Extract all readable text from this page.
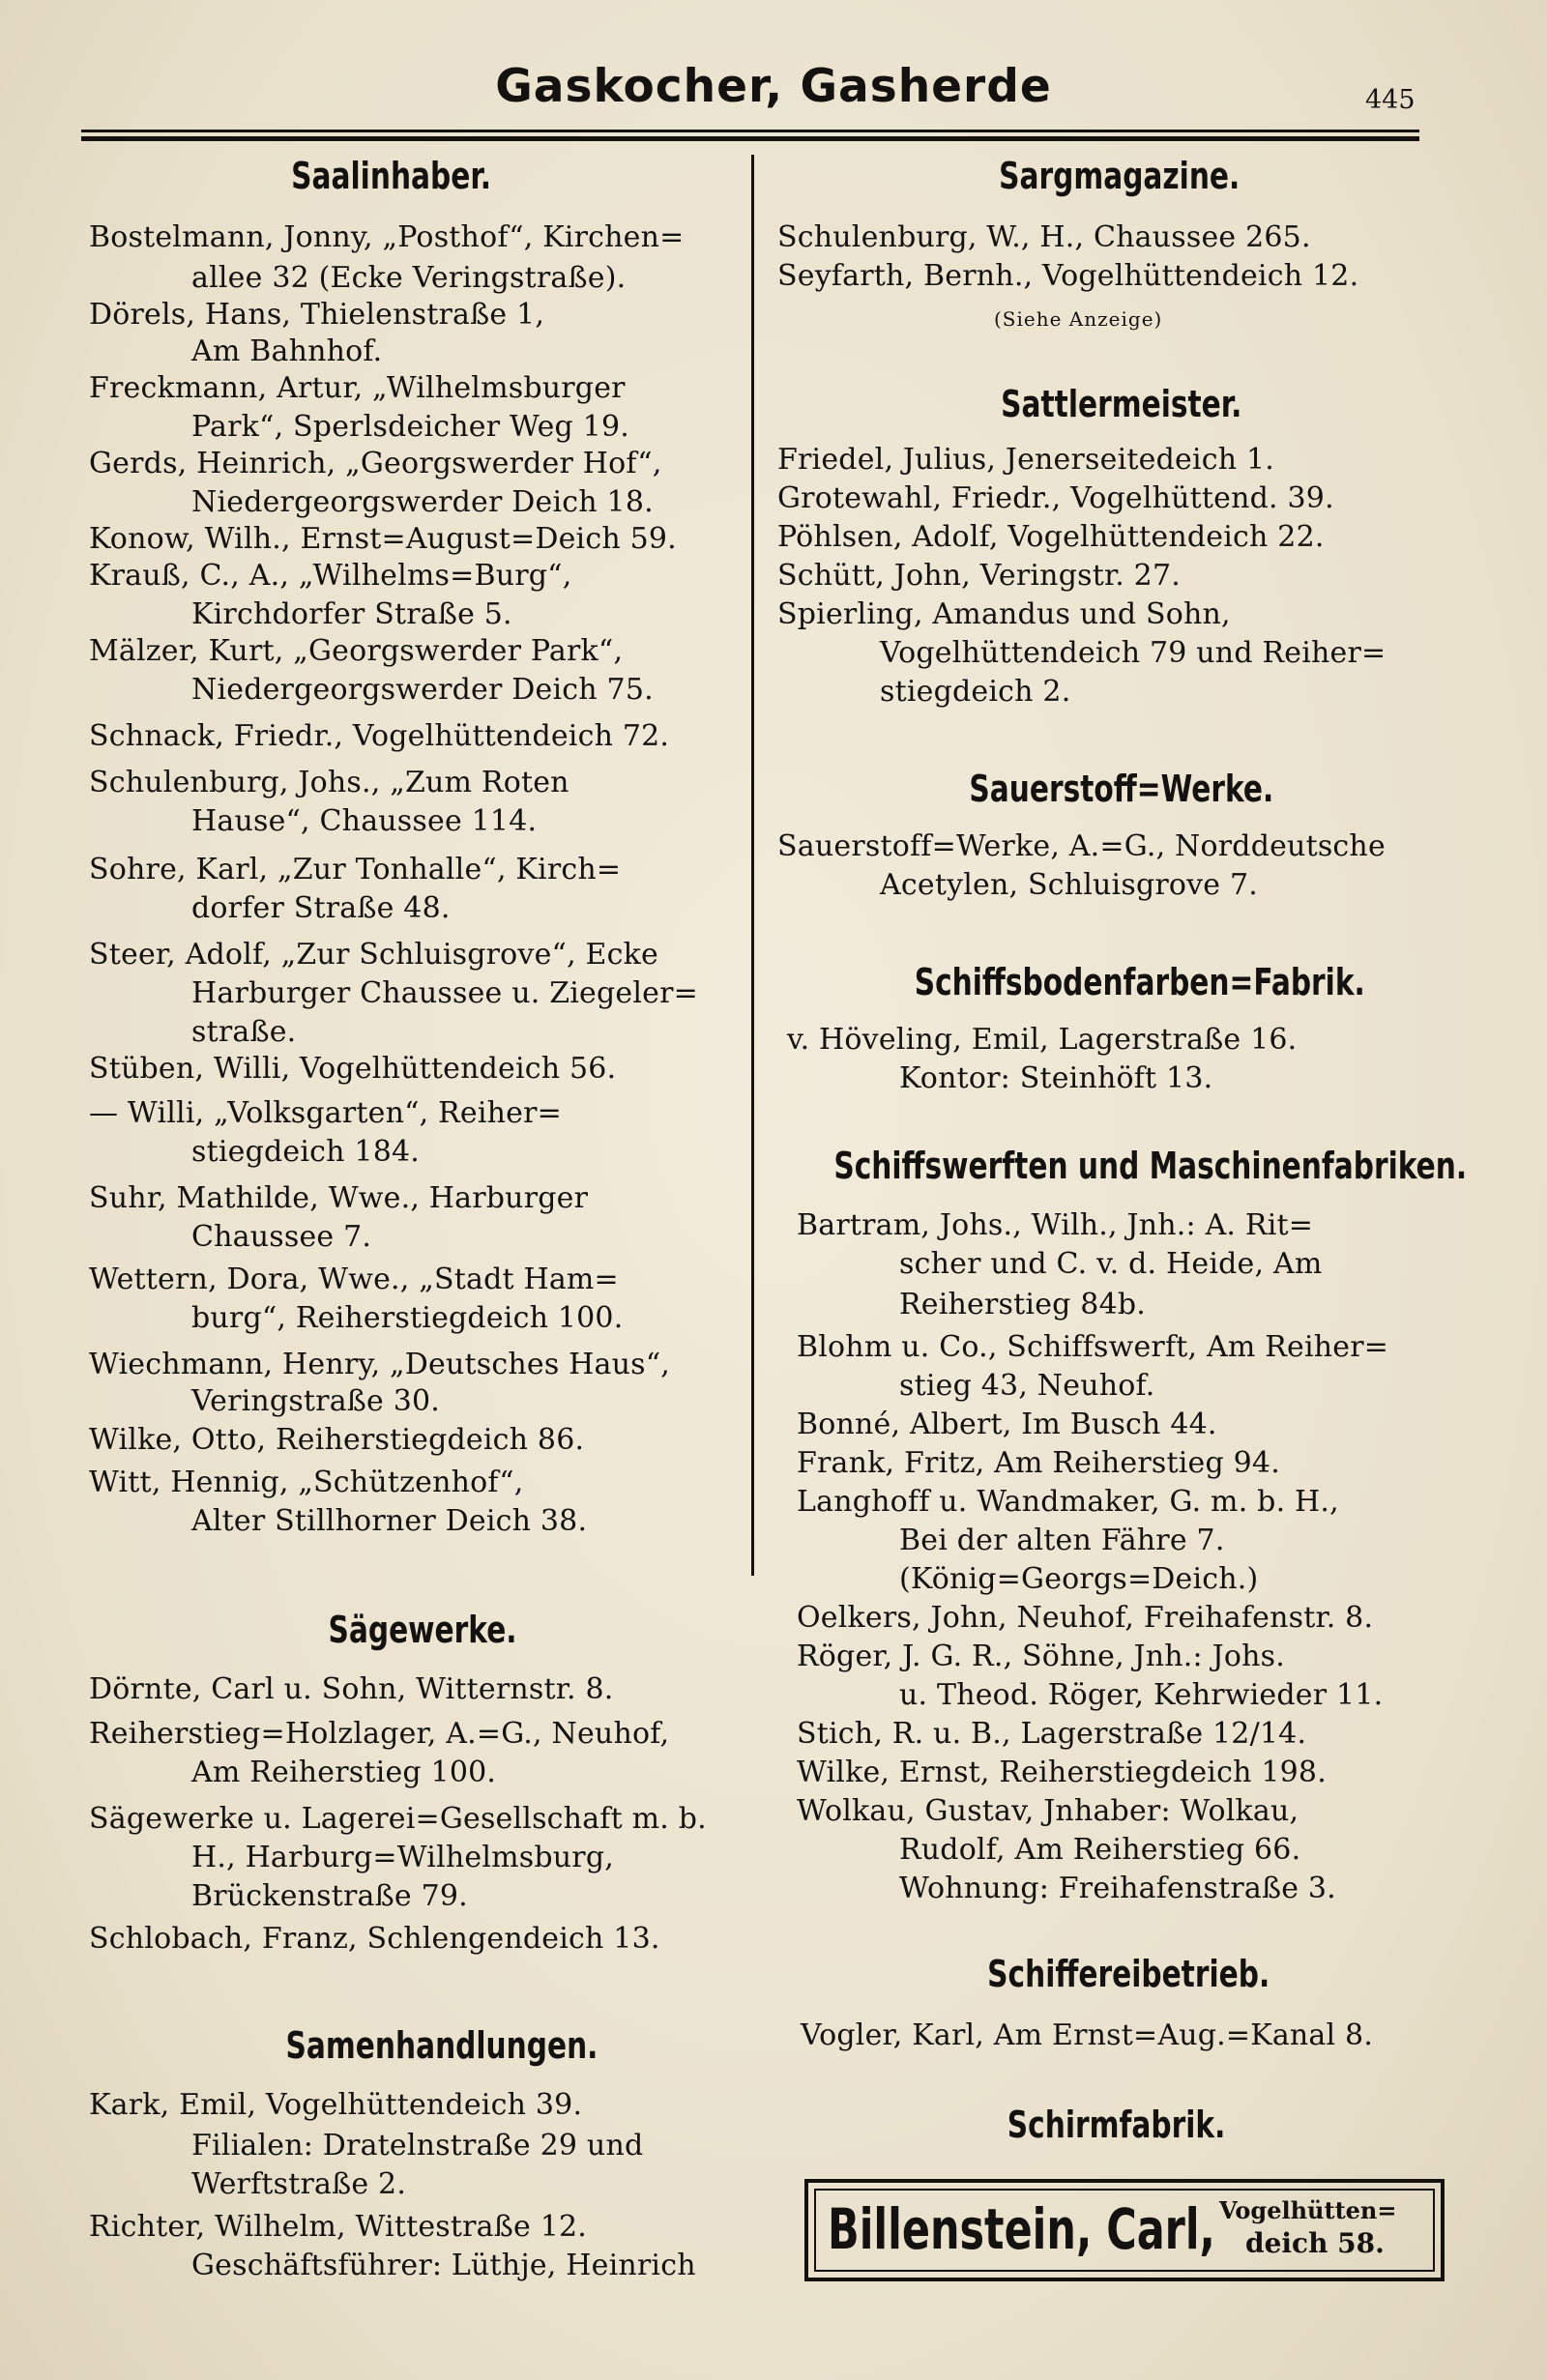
Gaskocher, Gasherde	445
Saalinhaber.
Bostelmann, Jonny, „Posthof“, Kirchen=
allee 32 (Ecke Veringstraße).
Dörels, Hans, Thielenstraße 1,
Am Bahnhof.
Freckmann, Artur, „Wilhelmsburger
Park“, Sperlsdeicher Weg 19.
Gerds, Heinrich, „Georgswerder Hof“,
Niedergeorgswerder Deich 18.
Konow, Wilh., Ernst=August=Deich 59.
Krauß, C., A., „Wilhelms=Burg“,
Kirchdorfer Straße 5.
Mälzer, Kurt, „Georgswerder Park“,
Niedergeorgswerder Deich 75.
Schnack, Friedr., Vogelhüttendeich 72.
Schulenburg, Johs., „Zum Roten
Hause“, Chaussee 114.
Sohre, Karl, „Zur Tonhalle“, Kirch=
dorfer Straße 48.
Steer, Adolf, „Zur Schluisgrove“, Ecke
Harburger Chaussee u. Ziegeler=
straße.
Stüben, Willi, Vogelhüttendeich 56.
— Willi, „Volksgarten“, Reiher=
stiegdeich 184.
Suhr, Mathilde, Wwe., Harburger
Chaussee 7.
Wettern, Dora, Wwe., „Stadt Ham=
burg“, Reiherstiegdeich 100.
Wiechmann, Henry, „Deutsches Haus“,
Veringstraße 30.
Wilke, Otto, Reiherstiegdeich 86.
Witt, Hennig, „Schützenhof“,
Alter Stillhorner Deich 38.
Sägewerke.
Dörnte, Carl u. Sohn, Witternstr. 8.
Reiherstieg=Holzlager, A.=G., Neuhof,
Am Reiherstieg 100.
Sägewerke u. Lagerei=Gesellschaft m. b.
H., Harburg=Wilhelmsburg,
Brückenstraße 79.
Schlobach, Franz, Schlengendeich 13.
Samenhandlungen.
Kark, Emil, Vogelhüttendeich 39.
Filialen: Dratelnstraße 29 und
Werftstraße 2.
Richter, Wilhelm, Wittestraße 12.
Geschäftsführer: Lüthje, Heinrich
Sargmagazine.
Schulenburg, W., H., Chaussee 265.
Seyfarth, Bernh., Vogelhüttendeich 12.
(Siehe Anzeige)
Sattlermeister.
Friedel, Julius, Jenerseitedeich 1.
Grotewahl, Friedr., Vogelhüttend. 39.
Pöhlsen, Adolf, Vogelhüttendeich 22.
Schütt, John, Veringstr. 27.
Spierling, Amandus und Sohn,
Vogelhüttendeich 79 und Reiher=
stiegdeich 2.
Sauerstoff=Werke.
Sauerstoff=Werke, A.=G., Norddeutsche
Acetylen, Schluisgrove 7.
Schiffsbodenfarben=Fabrik.
v. Höveling, Emil, Lagerstraße 16.
Kontor: Steinhöft 13.
Schiffswerften und Maschinenfabriken.
Bartram, Johs., Wilh., Jnh.: A. Rit=
scher und C. v. d. Heide, Am
Reiherstieg 84b.
Blohm u. Co., Schiffswerft, Am Reiher=
stieg 43, Neuhof.
Bonné, Albert, Im Busch 44.
Frank, Fritz, Am Reiherstieg 94.
Langhoff u. Wandmaker, G. m. b. H.,
Bei der alten Fähre 7.
(König=Georgs=Deich.)
Oelkers, John, Neuhof, Freihafenstr. 8.
Röger, J. G. R., Söhne, Jnh.: Johs.
u. Theod. Röger, Kehrwieder 11.
Stich, R. u. B., Lagerstraße 12/14.
Wilke, Ernst, Reiherstiegdeich 198.
Wolkau, Gustav, Jnhaber: Wolkau,
Rudolf, Am Reiherstieg 66.
Wohnung: Freihafenstraße 3.
Schiffereibetrieb.
Vogler, Karl, Am Ernst=Aug.=Kanal 8.
Schirmfabrik.
Billenstein, Carl, Vogelhütten=
deich 58.
